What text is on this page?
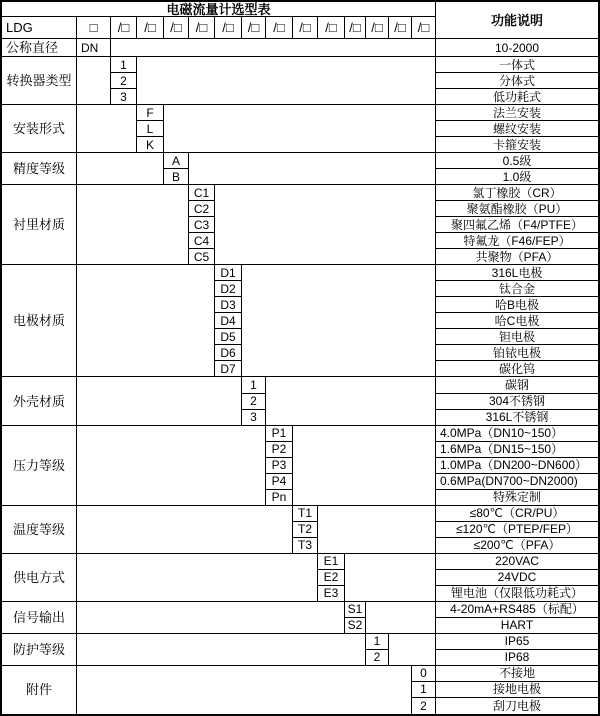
电磁流量计选型表
功能说明
LDG	□	/□	/□	/□	/□	/□	/□	/□	/□	/□ /□ /□ /□ /□
公称直径	DN	10-2000
转换器类型
1	一体式
2	分体式
3	低功耗式
安装形式
F	法兰安装
L	螺纹安装
K	卡箍安装
精度等级
A	0.5级
B	1.0级
衬里材质
C1	氯丁橡胶（CR）
C2	聚氨酯橡胶（PU）
C3	聚四氟乙烯（F4/PTFE）
C4	特氟龙（F46/FEP）
C5	共聚物（PFA）
电极材质
D1	316L电极
D2	钛合金
D3	哈B电极
D4	哈C电极
D5	钽电极
D6	铂铱电极
D7	碳化钨
外壳材质
1	碳钢
2	304不锈钢
3	316L不锈钢
压力等级
P1	4.0MPa（DN10~150）
P2	1.6MPa（DN15~150）
P3	1.0MPa（DN200~DN600）
P4	0.6MPa(DN700~DN2000)
Pn	特殊定制
温度等级
T1	≤80℃（CR/PU）
T2	≤120℃（PTEP/FEP）
T3	≤200℃（PFA）
供电方式
E1	220VAC
E2	24VDC
E3	锂电池（仅限低功耗式）
信号输出
S1	4-20mA+RS485（标配）
S2	HART
防护等级
1	IP65
2	IP68
附件
0	不接地
1	接地电极
2	刮刀电极
